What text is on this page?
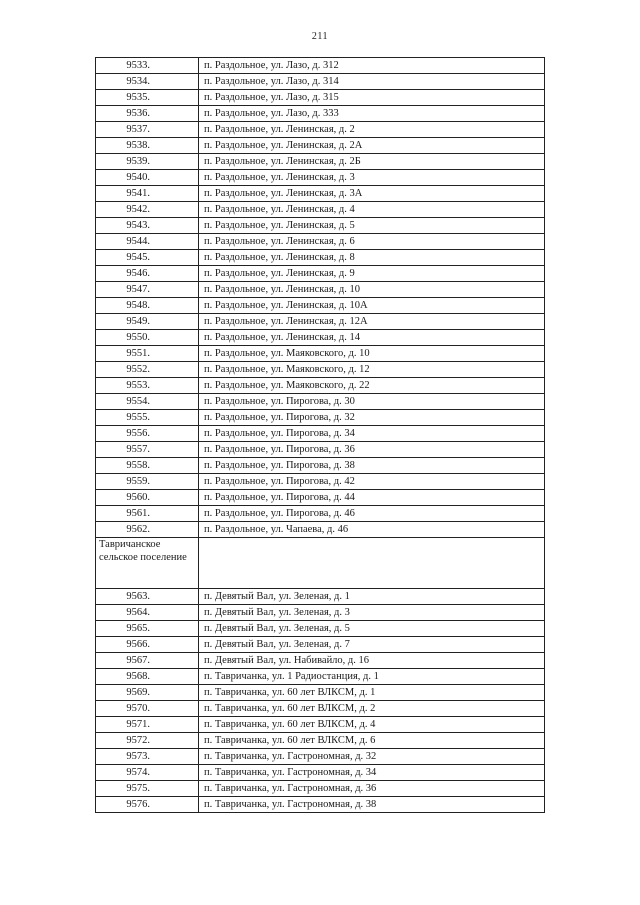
211
9533.	п. Раздольное, ул. Лазо, д. 312
9534.	п. Раздольное, ул. Лазо, д. 314
9535.	п. Раздольное, ул. Лазо, д. 315
9536.	п. Раздольное, ул. Лазо, д. 333
9537.	п. Раздольное, ул. Ленинская, д. 2
9538.	п. Раздольное, ул. Ленинская, д. 2А
9539.	п. Раздольное, ул. Ленинская, д. 2Б
9540.	п. Раздольное, ул. Ленинская, д. 3
9541.	п. Раздольное, ул. Ленинская, д. 3А
9542.	п. Раздольное, ул. Ленинская, д. 4
9543.	п. Раздольное, ул. Ленинская, д. 5
9544.	п. Раздольное, ул. Ленинская, д. 6
9545.	п. Раздольное, ул. Ленинская, д. 8
9546.	п. Раздольное, ул. Ленинская, д. 9
9547.	п. Раздольное, ул. Ленинская, д. 10
9548.	п. Раздольное, ул. Ленинская, д. 10А
9549.	п. Раздольное, ул. Ленинская, д. 12А
9550.	п. Раздольное, ул. Ленинская, д. 14
9551.	п. Раздольное, ул. Маяковского, д. 10
9552.	п. Раздольное, ул. Маяковского, д. 12
9553.	п. Раздольное, ул. Маяковского, д. 22
9554.	п. Раздольное, ул. Пирогова, д. 30
9555.	п. Раздольное, ул. Пирогова, д. 32
9556.	п. Раздольное, ул. Пирогова, д. 34
9557.	п. Раздольное, ул. Пирогова, д. 36
9558.	п. Раздольное, ул. Пирогова, д. 38
9559.	п. Раздольное, ул. Пирогова, д. 42
9560.	п. Раздольное, ул. Пирогова, д. 44
9561.	п. Раздольное, ул. Пирогова, д. 46
9562.	п. Раздольное, ул. Чапаева, д. 46
Тавричанское сельское поселение	
9563.	п. Девятый Вал, ул. Зеленая, д. 1
9564.	п. Девятый Вал, ул. Зеленая, д. 3
9565.	п. Девятый Вал, ул. Зеленая, д. 5
9566.	п. Девятый Вал, ул. Зеленая, д. 7
9567.	п. Девятый Вал, ул. Набивайло, д. 16
9568.	п. Тавричанка, ул. 1 Радиостанция, д. 1
9569.	п. Тавричанка, ул. 60 лет ВЛКСМ, д. 1
9570.	п. Тавричанка, ул. 60 лет ВЛКСМ, д. 2
9571.	п. Тавричанка, ул. 60 лет ВЛКСМ, д. 4
9572.	п. Тавричанка, ул. 60 лет ВЛКСМ, д. 6
9573.	п. Тавричанка, ул. Гастрономная, д. 32
9574.	п. Тавричанка, ул. Гастрономная, д. 34
9575.	п. Тавричанка, ул. Гастрономная, д. 36
9576.	п. Тавричанка, ул. Гастрономная, д. 38
